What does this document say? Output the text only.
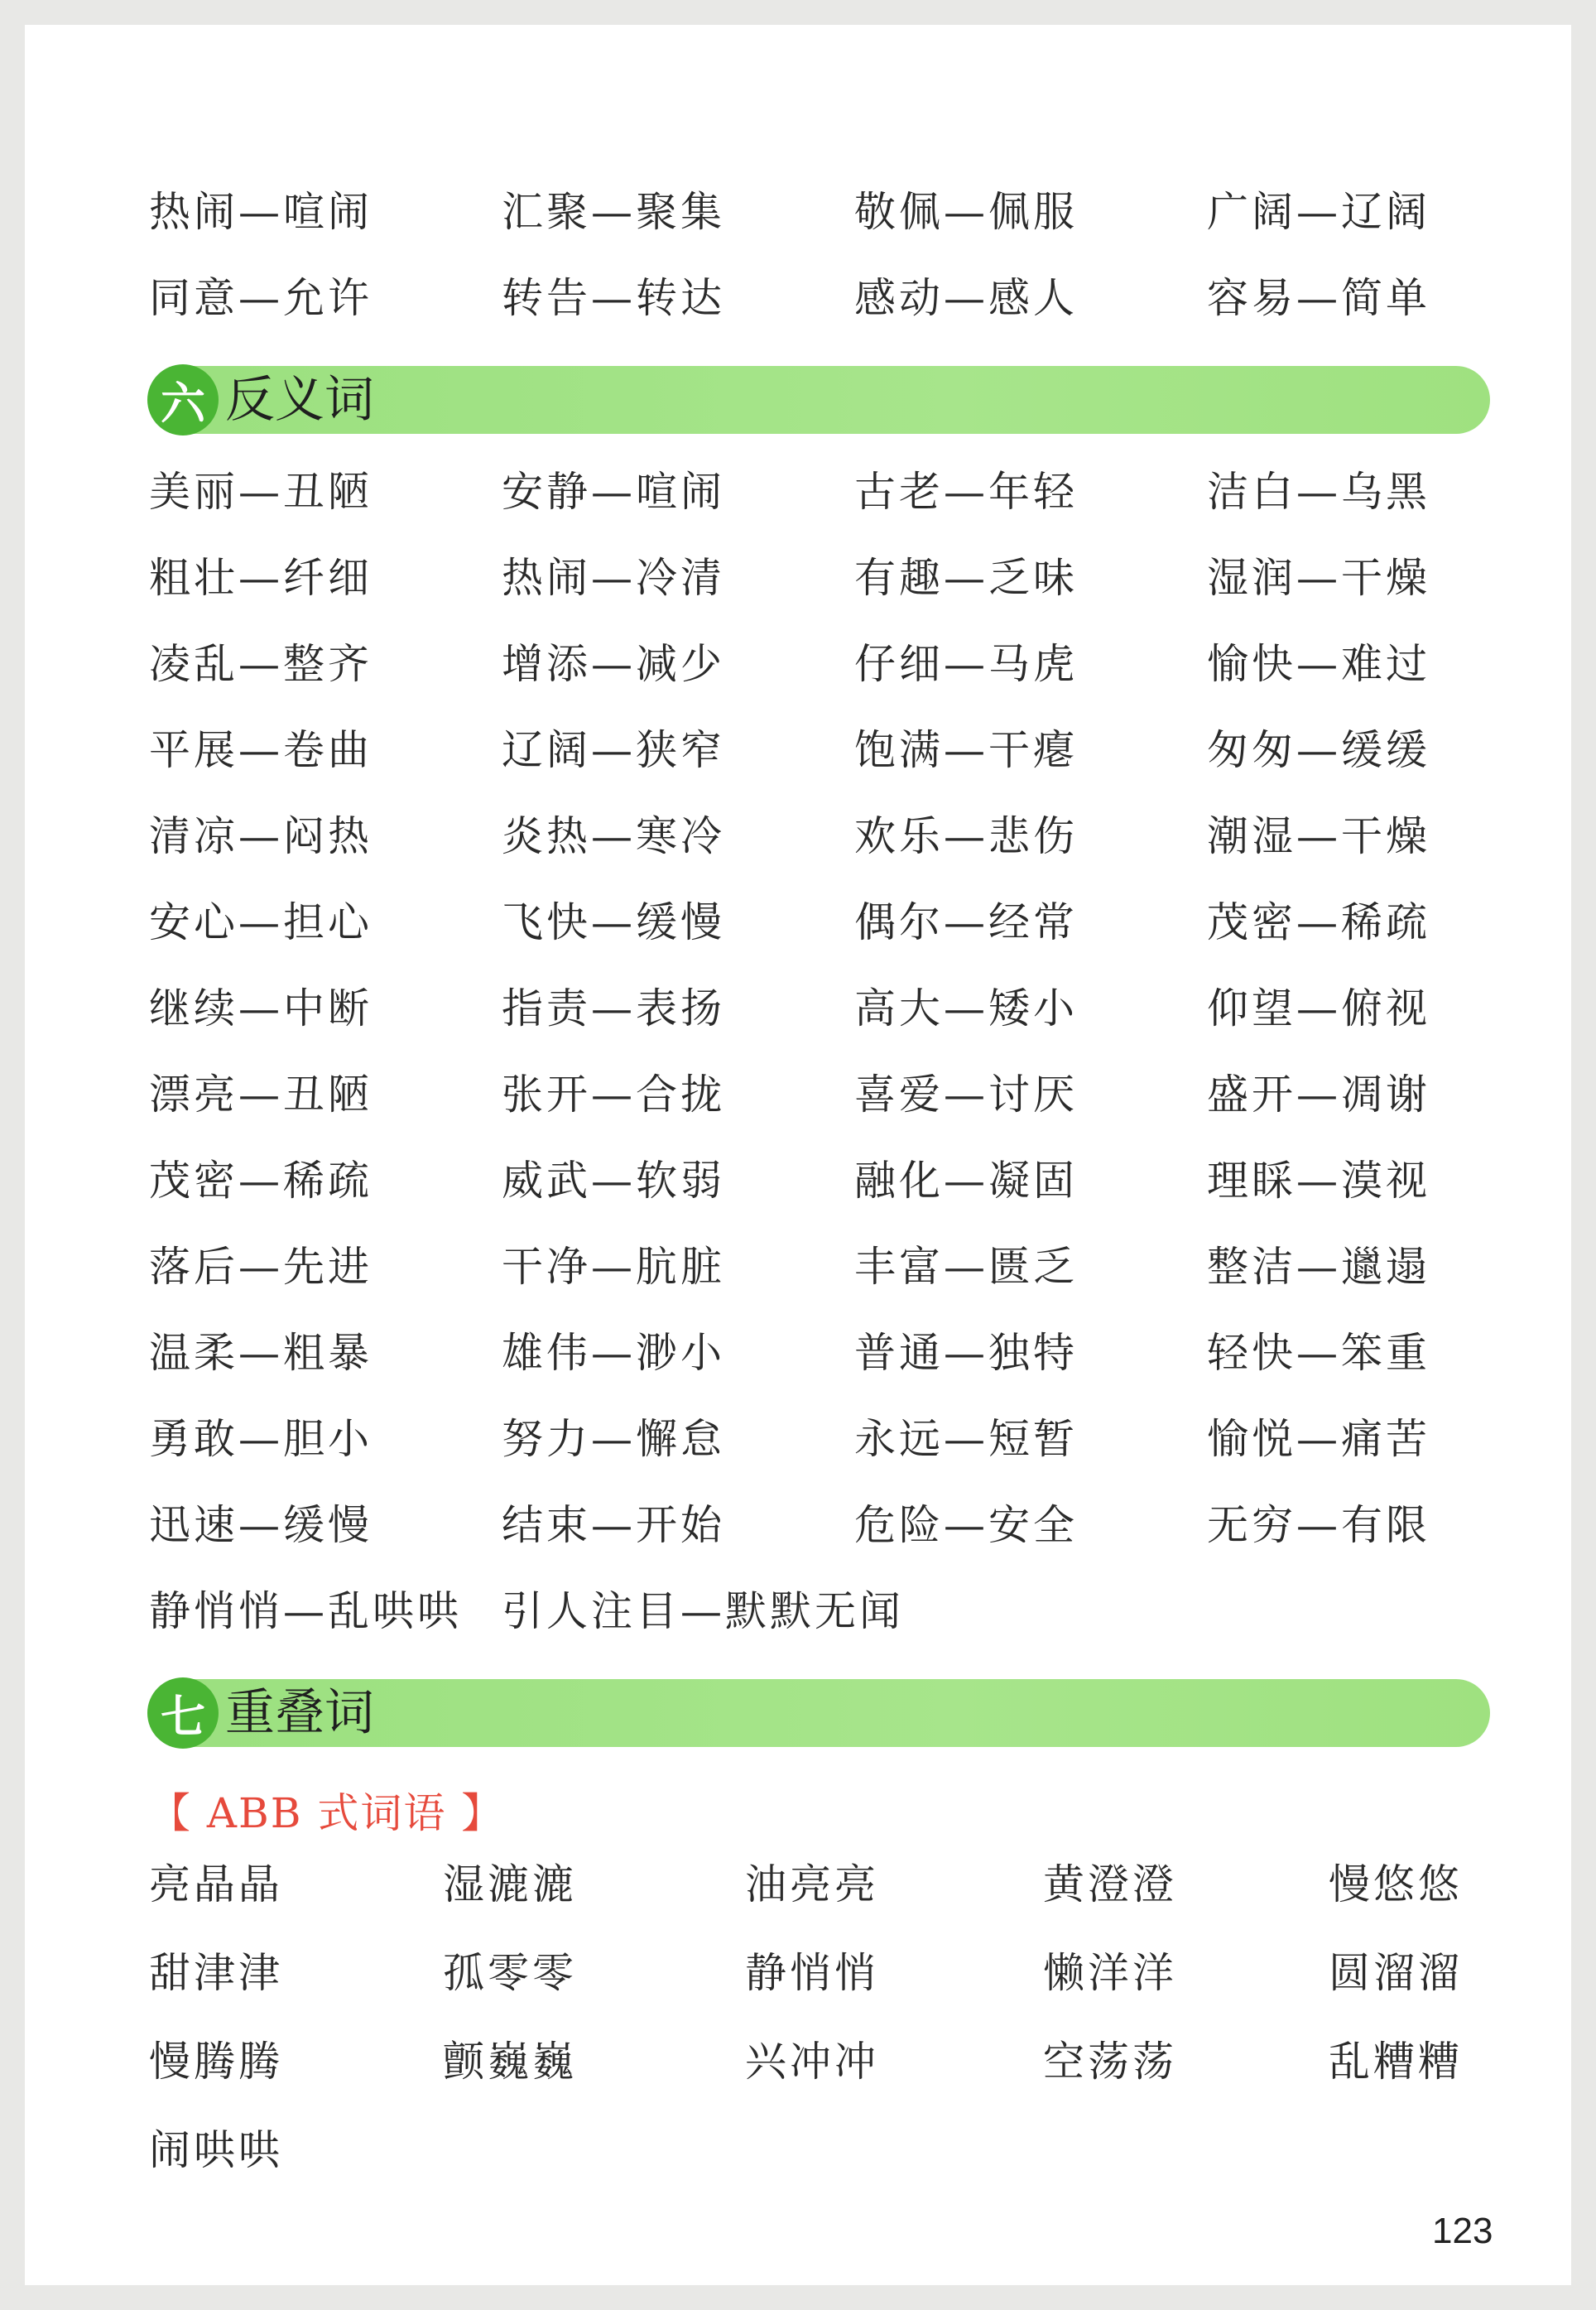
热闹—喧闹	汇聚—聚集	敬佩—佩服	广阔—辽阔
同意—允许	转告—转达	感动—感人	容易—简单
六 反义词
美丽—丑陋	安静—喧闹	古老—年轻	洁白—乌黑
粗壮—纤细	热闹—冷清	有趣—乏味	湿润—干燥
凌乱—整齐	增添—减少	仔细—马虎	愉快—难过
平展—卷曲	辽阔—狭窄	饱满—干瘪	匆匆—缓缓
清凉—闷热	炎热—寒冷	欢乐—悲伤	潮湿—干燥
安心—担心	飞快—缓慢	偶尔—经常	茂密—稀疏
继续—中断	指责—表扬	高大—矮小	仰望—俯视
漂亮—丑陋	张开—合拢	喜爱—讨厌	盛开—凋谢
茂密—稀疏	威武—软弱	融化—凝固	理睬—漠视
落后—先进	干净—肮脏	丰富—匮乏	整洁—邋遢
温柔—粗暴	雄伟—渺小	普通—独特	轻快—笨重
勇敢—胆小	努力—懈怠	永远—短暂	愉悦—痛苦
迅速—缓慢	结束—开始	危险—安全	无穷—有限
静悄悄—乱哄哄 引人注目—默默无闻
七 重叠词
【 ABB 式词语 】
亮晶晶	湿漉漉	油亮亮	黄澄澄	慢悠悠
甜津津	孤零零	静悄悄	懒洋洋	圆溜溜
慢腾腾	颤巍巍	兴冲冲	空荡荡	乱糟糟
闹哄哄
123
